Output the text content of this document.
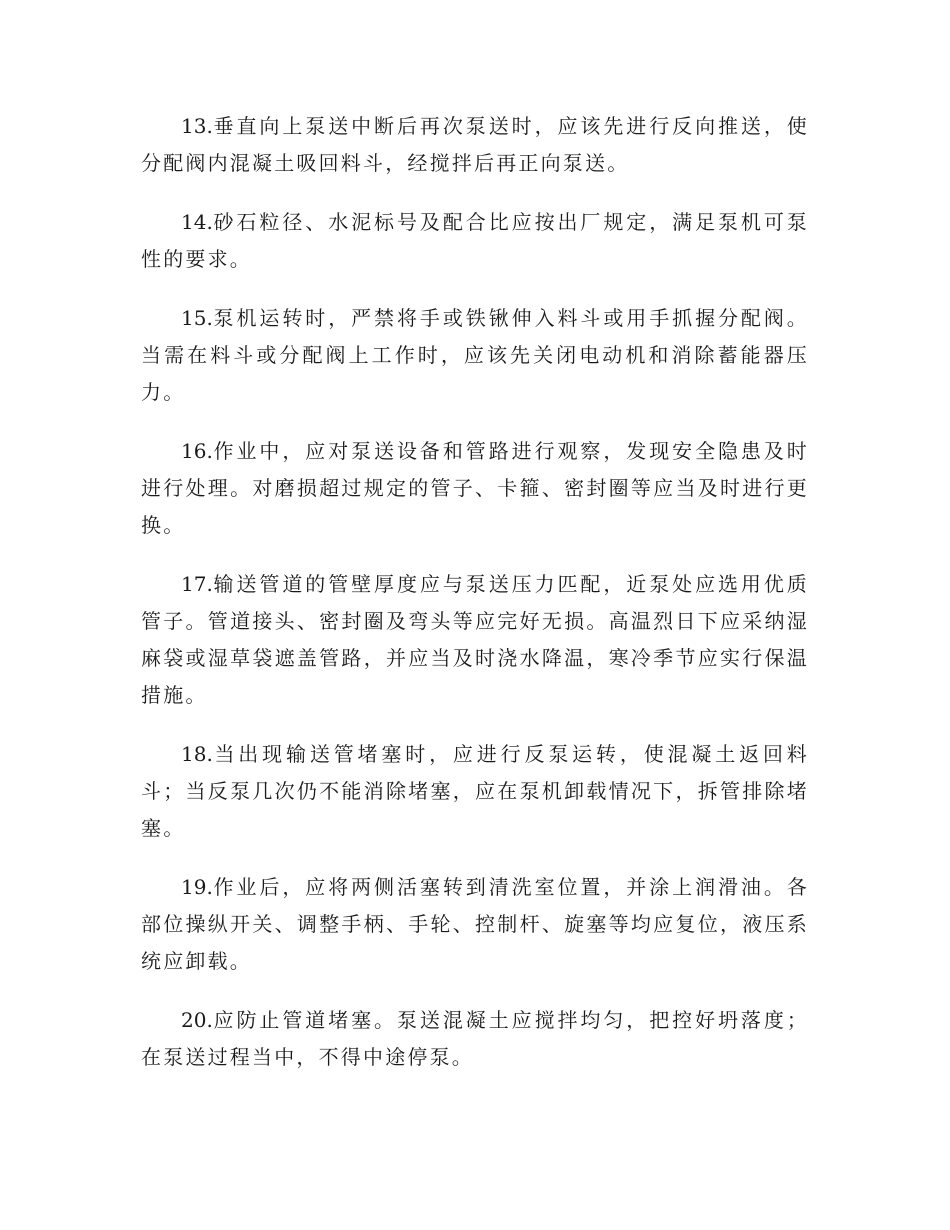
13.垂直向上泵送中断后再次泵送时，应该先进行反向推送，使分配阀内混凝土吸回料斗，经搅拌后再正向泵送。

14.砂石粒径、水泥标号及配合比应按出厂规定，满足泵机可泵性的要求。

15.泵机运转时，严禁将手或铁锹伸入料斗或用手抓握分配阀。当需在料斗或分配阀上工作时，应该先关闭电动机和消除蓄能器压力。

16.作业中，应对泵送设备和管路进行观察，发现安全隐患及时进行处理。对磨损超过规定的管子、卡箍、密封圈等应当及时进行更换。

17.输送管道的管壁厚度应与泵送压力匹配，近泵处应选用优质管子。管道接头、密封圈及弯头等应完好无损。高温烈日下应采纳湿麻袋或湿草袋遮盖管路，并应当及时浇水降温，寒冷季节应实行保温措施。

18.当出现输送管堵塞时，应进行反泵运转，使混凝土返回料斗；当反泵几次仍不能消除堵塞，应在泵机卸载情况下，拆管排除堵塞。

19.作业后，应将两侧活塞转到清洗室位置，并涂上润滑油。各部位操纵开关、调整手柄、手轮、控制杆、旋塞等均应复位，液压系统应卸载。

20.应防止管道堵塞。泵送混凝土应搅拌均匀，把控好坍落度；在泵送过程当中，不得中途停泵。
